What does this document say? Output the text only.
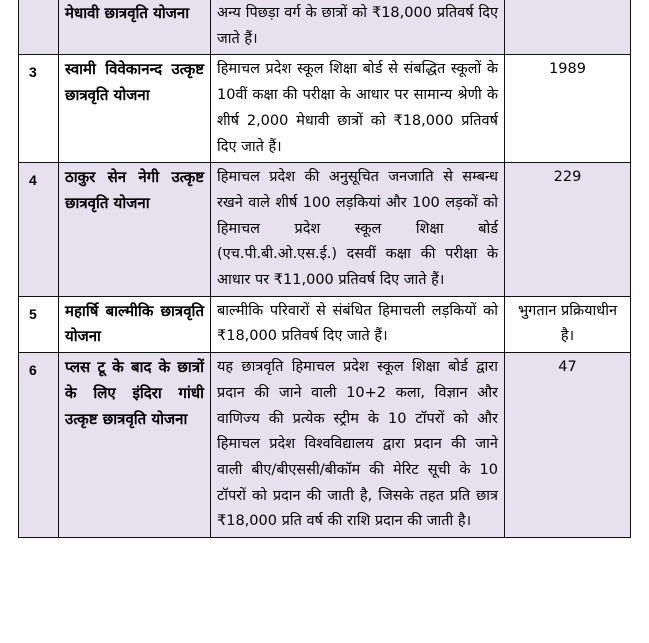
	मेधावी छात्रवृति योजना	अन्य पिछड़ा वर्ग के छात्रों को ₹18,000 प्रतिवर्ष दिए जाते हैं।	
3	स्वामी विवेकानन्द उत्कृष्ट छात्रवृति योजना	हिमाचल प्रदेश स्कूल शिक्षा बोर्ड से संबद्धित स्कूलों के 10वीं कक्षा की परीक्षा के आधार पर सामान्य श्रेणी के शीर्ष 2,000 मेधावी छात्रों को ₹18,000 प्रतिवर्ष दिए जाते हैं।	1989
4	ठाकुर सेन नेगी उत्कृष्ट छात्रवृति योजना	हिमाचल प्रदेश की अनुसूचित जनजाति से सम्बन्ध रखने वाले शीर्ष 100 लड़कियां और 100 लड़कों को हिमाचल प्रदेश स्कूल शिक्षा बोर्ड (एच.पी.बी.ओ.एस.ई.) दसवीं कक्षा की परीक्षा के आधार पर ₹11,000 प्रतिवर्ष दिए जाते हैं।	229
5	महार्षि बाल्मीकि छात्रवृति योजना	बाल्मीकि परिवारों से संबंधित हिमाचली लड़कियों को ₹18,000 प्रतिवर्ष दिए जाते हैं।	भुगतान प्रक्रियाधीन है।
6	प्लस टू के बाद के छात्रों के लिए इंदिरा गांधी उत्कृष्ट छात्रवृति योजना	यह छात्रवृति हिमाचल प्रदेश स्कूल शिक्षा बोर्ड द्वारा प्रदान की जाने वाली 10+2 कला, विज्ञान और वाणिज्य की प्रत्येक स्ट्रीम के 10 टॉपरों को और हिमाचल प्रदेश विश्वविद्यालय द्वारा प्रदान की जाने वाली बीए/बीएससी/बीकॉम की मेरिट सूची के 10 टॉपरों को प्रदान की जाती है, जिसके तहत प्रति छात्र ₹18,000 प्रति वर्ष की राशि प्रदान की जाती है।	47
